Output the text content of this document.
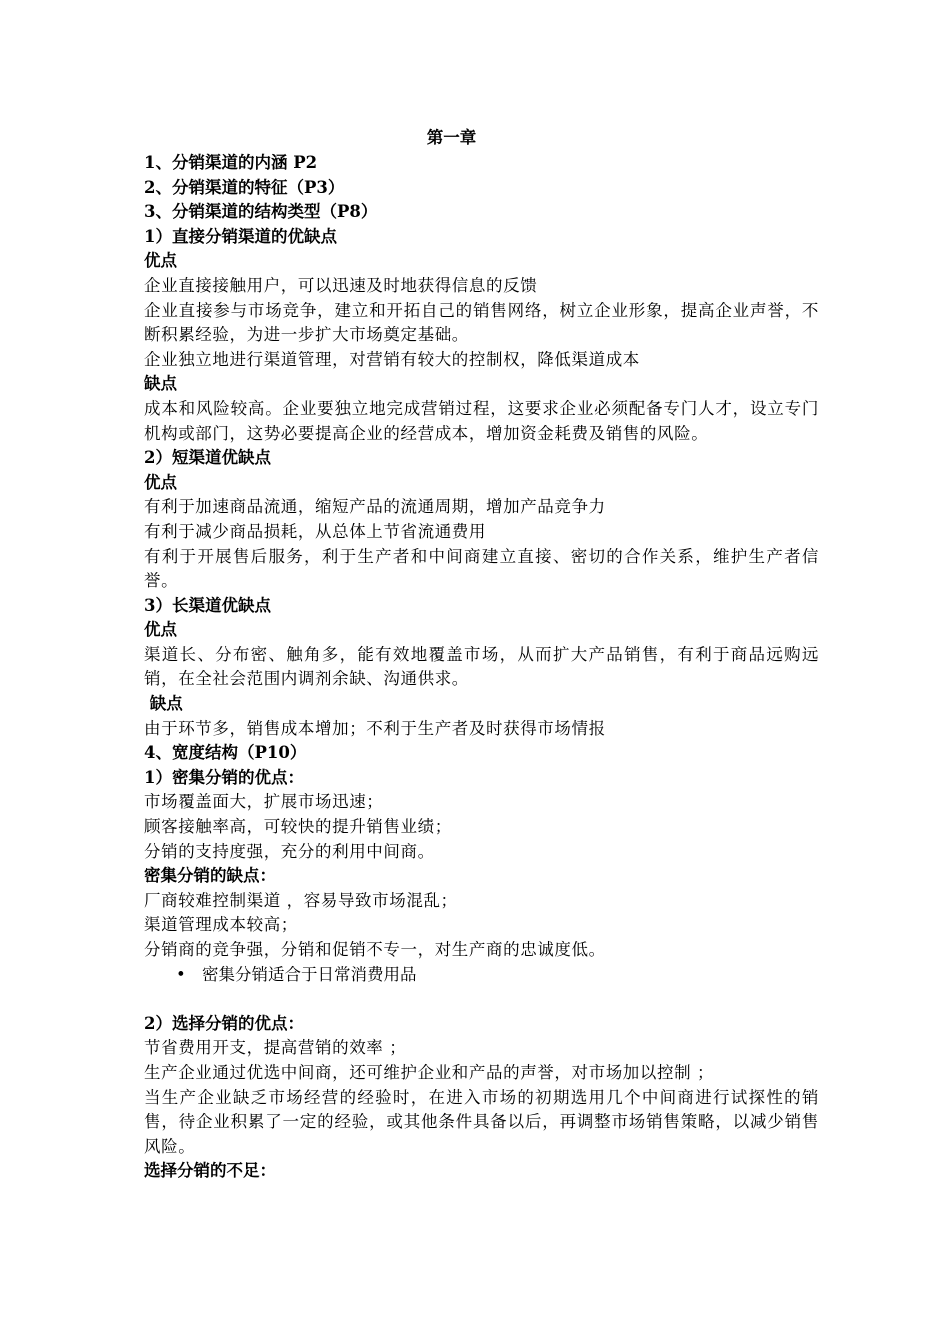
第一章
1、分销渠道的内涵 P2
2、分销渠道的特征（P3）
3、分销渠道的结构类型（P8）
1）直接分销渠道的优缺点
优点
企业直接接触用户，可以迅速及时地获得信息的反馈
企业直接参与市场竞争，建立和开拓自己的销售网络，树立企业形象，提高企业声誉，不断积累经验，为进一步扩大市场奠定基础。
企业独立地进行渠道管理，对营销有较大的控制权，降低渠道成本
缺点
成本和风险较高。企业要独立地完成营销过程，这要求企业必须配备专门人才，设立专门机构或部门，这势必要提高企业的经营成本，增加资金耗费及销售的风险。
2）短渠道优缺点
优点
有利于加速商品流通，缩短产品的流通周期，增加产品竞争力
有利于减少商品损耗，从总体上节省流通费用
有利于开展售后服务，利于生产者和中间商建立直接、密切的合作关系，维护生产者信誉。
3）长渠道优缺点
优点
渠道长、分布密、触角多，能有效地覆盖市场，从而扩大产品销售，有利于商品远购远销，在全社会范围内调剂余缺、沟通供求。
缺点
由于环节多，销售成本增加；不利于生产者及时获得市场情报
4、宽度结构（P10）
1）密集分销的优点：
市场覆盖面大，扩展市场迅速；
顾客接触率高，可较快的提升销售业绩；
分销的支持度强，充分的利用中间商。
密集分销的缺点：
厂商较难控制渠道 ，容易导致市场混乱；
渠道管理成本较高；
分销商的竞争强，分销和促销不专一，对生产商的忠诚度低。
• 密集分销适合于日常消费用品
2）选择分销的优点：
节省费用开支，提高营销的效率 ；
生产企业通过优选中间商，还可维护企业和产品的声誉，对市场加以控制 ；
当生产企业缺乏市场经营的经验时，在进入市场的初期选用几个中间商进行试探性的销售，待企业积累了一定的经验，或其他条件具备以后，再调整市场销售策略，以减少销售风险。
选择分销的不足：
